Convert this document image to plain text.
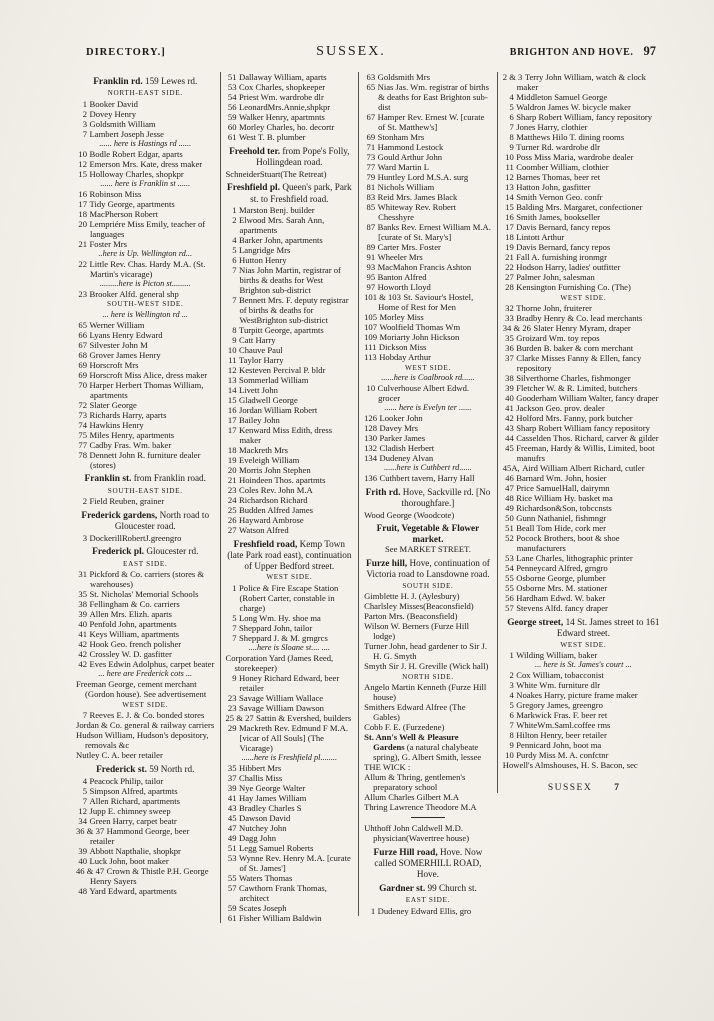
DIRECTORY.]	SUSSEX.	BRIGHTON AND HOVE. 97
Franklin rd. 159 Lewes rd.
NORTH-EAST SIDE.
1 Booker David
2 Dovey Henry
3 Goldsmith William
7 Lambert Joseph Jesse
...... here is Hastings rd ......
10 Bodle Robert Edgar, aparts
12 Emerson Mrs. Kate, dress maker
15 Holloway Charles, shopkpr
...... here is Franklin st ......
16 Robinson Miss
17 Tidy George, apartments
18 MacPherson Robert
20 Lempriére Miss Emily, teacher of languages
21 Foster Mrs
..here is Up. Wellington rd...
22 Little Rev. Chas. Hardy M.A. (St. Martin's vicarage)
.........here is Picton st.........
23 Brooker Alfd. general shp
SOUTH-WEST SIDE.
... here is Wellington rd ...
65 Werner William
66 Lyans Henry Edward
67 Silvester John M
68 Grover James Henry
69 Horscroft Mrs
69 Horscroft Miss Alice, dress maker
70 Harper Herbert Thomas William, apartments
72 Slater George
73 Richards Harry, aparts
74 Hawkins Henry
75 Miles Henry, apartments
77 Cadby Fras. Wm. baker
78 Dennett John R. furniture dealer (stores)
Franklin st. from Franklin road.
SOUTH-EAST SIDE.
2 Field Reuben, grainer
Frederick gardens, North road to Gloucester road.
3 DockerillRobertJ.greengro
Frederick pl. Gloucester rd.
EAST SIDE.
31 Pickford & Co. carriers (stores & warehouses)
35 St. Nicholas' Memorial Schools
38 Fellingham & Co. carriers
39 Allen Mrs. Elizh. aparts
40 Penfold John, apartments
41 Keys William, apartments
42 Hook Geo. french polisher
42 Crossley W. D. gasfitter
42 Eves Edwin Adolphus, carpet beater
... here are Frederick cots ...
Freeman George, cement merchant (Gordon house). See advertisement
WEST SIDE.
7 Reeves E. J. & Co. bonded stores
Jordan & Co. general & railway carriers
Hudson William, Hudson's depository, removals &c
Nutley C. A. beer retailer
Frederick st. 59 North rd.
4 Peacock Philip, tailor
5 Simpson Alfred, apartmts
7 Allen Richard, apartments
12 Jupp E. chimney sweep
34 Green Harry, carpet beatr
36 & 37 Hammond George, beer retailer
39 Abbott Napthalie, shopkpr
40 Luck John, boot maker
46 & 47 Crown & Thistle P.H. George Henry Sayers
48 Yard Edward, apartments
51 Dallaway William, aparts
53 Cox Charles, shopkeeper
54 Priest Wm. wardrobe dlr
56 LeonardMrs.Annie,shpkpr
59 Walker Henry, apartmnts
60 Morley Charles, ho. decortr
61 West T. B. plumber
Freehold ter. from Pope's Folly, Hollingdean road.
SchneiderStuart(The Retreat)
Freshfield pl. Queen's park, Park st. to Freshfield road.
1 Marston Benj. builder
2 Elwood Mrs. Sarah Ann, apartments
4 Barker John, apartments
5 Langridge Mrs
6 Hutton Henry
7 Nias John Martin, registrar of births & deaths for West Brighton sub-district
7 Bennett Mrs. F. deputy registrar of births & deaths for WestBrighton sub-district
8 Turpitt George, apartmts
9 Catt Harry
10 Chauve Paul
11 Taylor Harry
12 Kesteven Percival P. bldr
13 Sommerlad William
14 Livett John
15 Gladwell George
16 Jordan William Robert
17 Bailey John
17 Kenward Miss Edith, dress maker
18 Mackreth Mrs
19 Eveleigh William
20 Morris John Stephen
21 Hoindeen Thos. apartmts
23 Coles Rev. John M.A
24 Richardson Richard
25 Budden Alfred James
26 Hayward Ambrose
27 Watson Alfred
Freshfield road, Kemp Town (late Park road east), continuation of Upper Bedford street.
WEST SIDE.
1 Police & Fire Escape Station (Robert Carter, constable in charge)
5 Long Wm. Hy. shoe ma
7 Sheppard John, tailor
7 Sheppard J. & M. grngrcs
....here is Sloane st.... ....
Corporation Yard (James Reed, storekeeper)
9 Honey Richard Edward, beer retailer
23 Savage William Wallace
23 Savage William Dawson
25 & 27 Sattin & Evershed, builders
29 Mackreth Rev. Edmund F M.A. [vicar of All Souls] (The Vicarage)
......here is Freshfield pl........
35 Hibbert Mrs
37 Challis Miss
39 Nye George Walter
41 Hay James William
43 Bradley Charles S
45 Dawson David
47 Nutchey John
49 Dagg John
51 Legg Samuel Roberts
53 Wynne Rev. Henry M.A. [curate of St. James']
55 Waters Thomas
57 Cawthorn Frank Thomas, architect
59 Scates Joseph
61 Fisher William Baldwin
63 Goldsmith Mrs
65 Nias Jas. Wm. registrar of births & deaths for East Brighton sub-dist
67 Hamper Rev. Ernest W. [curate of St. Matthew's]
69 Stonham Mrs
71 Hammond Lestock
73 Gould Arthur John
77 Ward Martin L
79 Huntley Lord M.S.A. surg
81 Nichols William
83 Reid Mrs. James Black
85 Whiteway Rev. Robert Chesshyre
87 Banks Rev. Ernest William M.A. [curate of St. Mary's]
89 Carter Mrs. Foster
91 Wheeler Mrs
93 MacMahon Francis Ashton
95 Banton Alfred
97 Howorth Lloyd
101 & 103 St. Saviour's Hostel, Home of Rest for Men
105 Morley Miss
107 Woolfield Thomas Wm
109 Moriarty John Hickson
111 Dickson Miss
113 Hobday Arthur
WEST SIDE.
......here is Coalbrook rd......
10 Culverhouse Albert Edwd. grocer
...... here is Evelyn ter ......
126 Looker John
128 Davey Mrs
130 Parker James
132 Cladish Herbert
134 Dudeney Alvan
......here is Cuthbert rd......
136 Cuthbert tavern, Harry Hall
Frith rd. Hove, Sackville rd. [No thoroughfare.]
Wood George (Woodcote)
Fruit, Vegetable & Flower market.
See MARKET STREET.
Furze hill, Hove, continuation of Victoria road to Lansdowne road.
SOUTH SIDE.
Gimblette H. J. (Aylesbury)
Charlsley Misses(Beaconsfield)
Parton Mrs. (Beaconsfield)
Wilson W. Berners (Furze Hill lodge)
Turner John, head gardener to Sir J. H. G. Smyth
Smyth Sir J. H. Greville (Wick hall)
NORTH SIDE.
Angelo Martin Kenneth (Furze Hill house)
Smithers Edward Alfree (The Gables)
Cobb F. E. (Furzedene)
St. Ann's Well & Pleasure Gardens (a natural chalybeate spring), G. Albert Smith, lessee
THE WICK :
Allum & Thring, gentlemen's preparatory school
Allum Charles Gilbert M.A
Thring Lawrence Theodore M.A
Uhthoff John Caldwell M.D. physician(Wavertree house)
Furze Hill road, Hove. Now called SOMERHILL ROAD, Hove.
Gardner st. 99 Church st.
EAST SIDE.
1 Dudeney Edward Ellis, gro
2 & 3 Terry John William, watch & clock maker
4 Middleton Samuel George
5 Waldron James W. bicycle maker
6 Sharp Robert William, fancy repository
7 Jones Harry, clothier
8 Matthews Hilo T. dining rooms
9 Turner Rd. wardrobe dlr
10 Poss Miss Maria, wardrobe dealer
11 Coomber William, clothier
12 Barnes Thomas, beer ret
13 Hatton John, gasfitter
14 Smith Vernon Geo. confr
15 Balding Mrs. Margaret, confectioner
16 Smith James, bookseller
17 Davis Bernard, fancy repos
18 Lintott Arthur
19 Davis Bernard, fancy repos
21 Fall A. furnishing ironmgr
22 Hodson Harry, ladies' outfitter
27 Palmer John, salesman
28 Kensington Furnishing Co. (The)
WEST SIDE.
32 Thorne John, fruiterer
33 Bradby Henry & Co. lead merchants
34 & 26 Slater Henry Myram, draper
35 Groizard Wm. toy repos
36 Burden B. baker & corn merchant
37 Clarke Misses Fanny & Ellen, fancy repository
38 Silverthorne Charles, fishmonger
39 Fletcher W. & R. Limited, butchers
40 Gooderham William Walter, fancy draper
41 Jackson Geo. prov. dealer
42 Holford Mrs. Fanny, pork butcher
43 Sharp Robert William fancy repository
44 Casselden Thos. Richard, carver & gilder
45 Freeman, Hardy & Willis, Limited, boot manufrs
45A, Aird William Albert Richard, cutler
46 Barnard Wm. John, hosier
47 Price SamuelHall, dairymn
48 Rice William Hy. basket ma
49 Richardson&Son, tobccnsts
50 Gunn Nathaniel, fishmngr
51 Beall Tom Hide, cork mer
52 Pocock Brothers, boot & shoe manufacturers
53 Lane Charles, lithographic printer
54 Penneycard Alfred, grngro
55 Osborne George, plumber
55 Osborne Mrs. M. stationer
56 Hardham Edwd. W. baker
57 Stevens Alfd. fancy draper
George street, 14 St. James street to 161 Edward street.
WEST SIDE.
1 Wilding William, baker
... here is St. James's court ...
2 Cox William, tobacconist
3 White Wm. furniture dlr
4 Noakes Harry, picture frame maker
5 Gregory James, greengro
6 Markwick Fras. F. beer ret
7 WhiteWm.Saml.coffee rms
8 Hilton Henry, beer retailer
9 Pennicard John, boot ma
10 Purdy Miss M. A. confctnr
Howell's Almshouses, H. S. Bacon, sec
SUSSEX 7
